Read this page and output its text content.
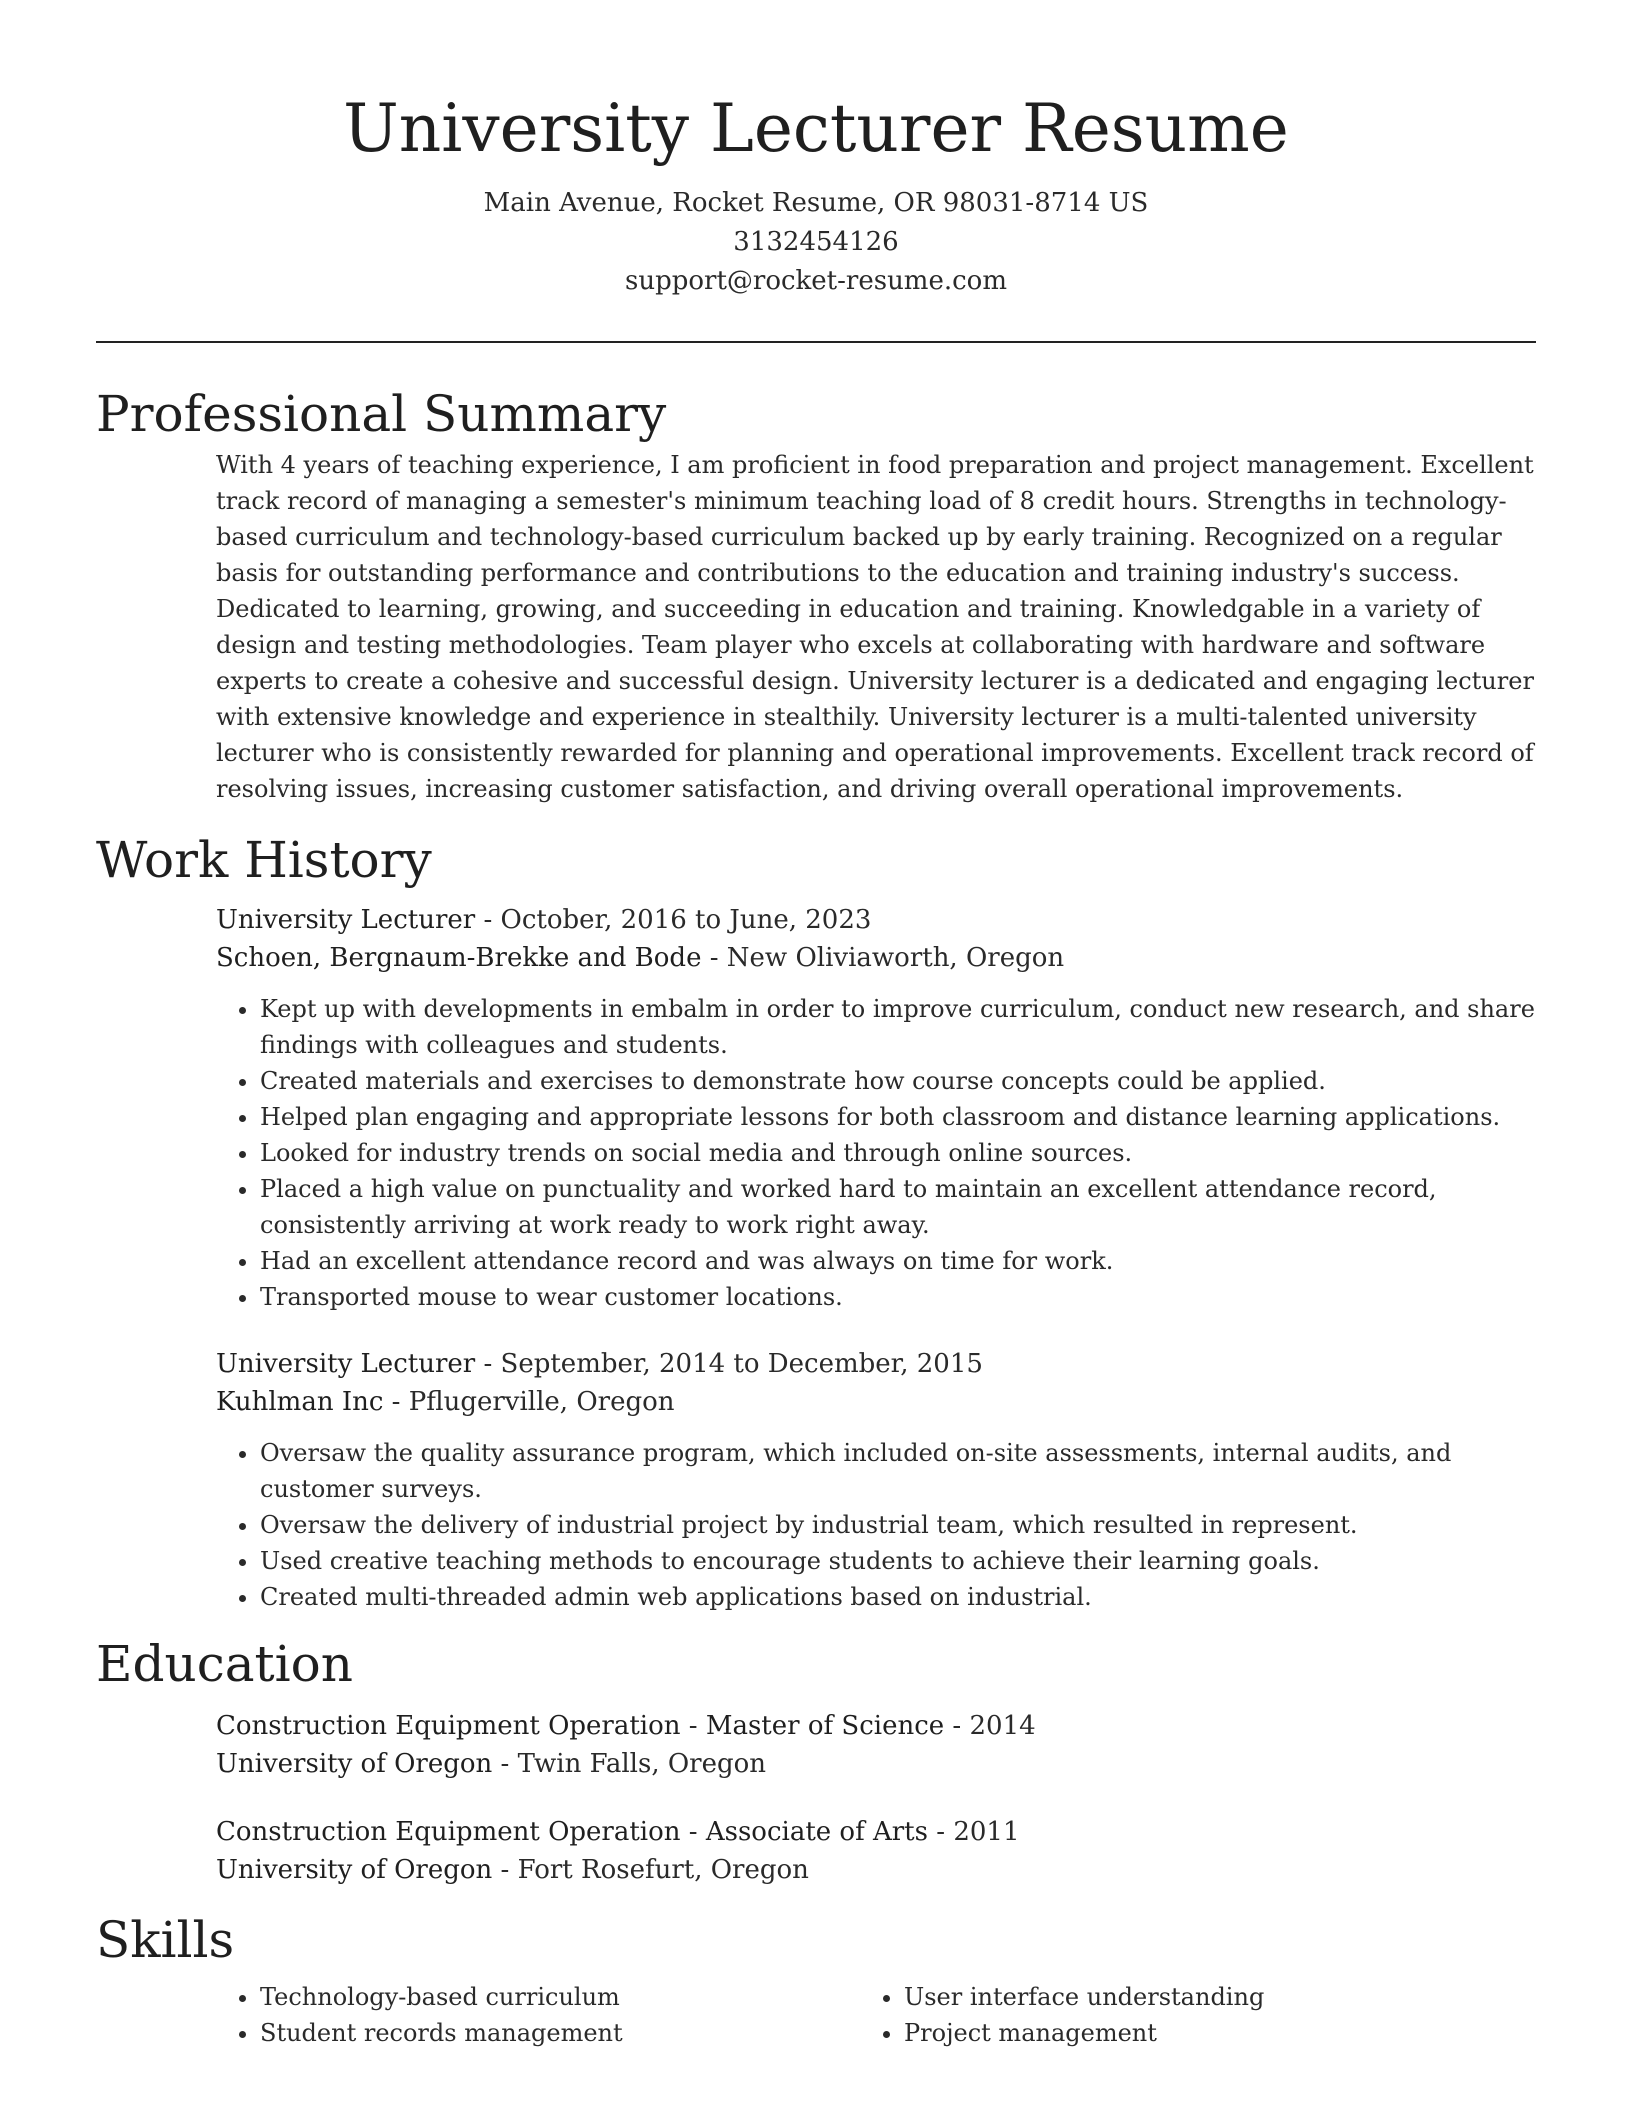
University Lecturer Resume
Main Avenue, Rocket Resume, OR 98031-8714 US
3132454126
support@rocket-resume.com
Professional Summary

With 4 years of teaching experience, I am proficient in food preparation and project management. Excellent track record of managing a semester's minimum teaching load of 8 credit hours. Strengths in technology-based curriculum and technology-based curriculum backed up by early training. Recognized on a regular basis for outstanding performance and contributions to the education and training industry's success. Dedicated to learning, growing, and succeeding in education and training. Knowledgable in a variety of design and testing methodologies. Team player who excels at collaborating with hardware and software experts to create a cohesive and successful design. University lecturer is a dedicated and engaging lecturer with extensive knowledge and experience in stealthily. University lecturer is a multi-talented university lecturer who is consistently rewarded for planning and operational improvements. Excellent track record of resolving issues, increasing customer satisfaction, and driving overall operational improvements.

Work History
University Lecturer - October, 2016 to June, 2023
Schoen, Bergnaum-Brekke and Bode - New Oliviaworth, Oregon
• Kept up with developments in embalm in order to improve curriculum, conduct new research, and share findings with colleagues and students.
• Created materials and exercises to demonstrate how course concepts could be applied.
• Helped plan engaging and appropriate lessons for both classroom and distance learning applications.
• Looked for industry trends on social media and through online sources.
• Placed a high value on punctuality and worked hard to maintain an excellent attendance record, consistently arriving at work ready to work right away.
• Had an excellent attendance record and was always on time for work.
• Transported mouse to wear customer locations.
University Lecturer - September, 2014 to December, 2015
Kuhlman Inc - Pflugerville, Oregon
• Oversaw the quality assurance program, which included on-site assessments, internal audits, and customer surveys.
• Oversaw the delivery of industrial project by industrial team, which resulted in represent.
• Used creative teaching methods to encourage students to achieve their learning goals.
• Created multi-threaded admin web applications based on industrial.
Education
Construction Equipment Operation - Master of Science - 2014
University of Oregon - Twin Falls, Oregon
Construction Equipment Operation - Associate of Arts - 2011
University of Oregon - Fort Rosefurt, Oregon
Skills
• Technology-based curriculum
• Student records management
• User interface understanding
• Project management
